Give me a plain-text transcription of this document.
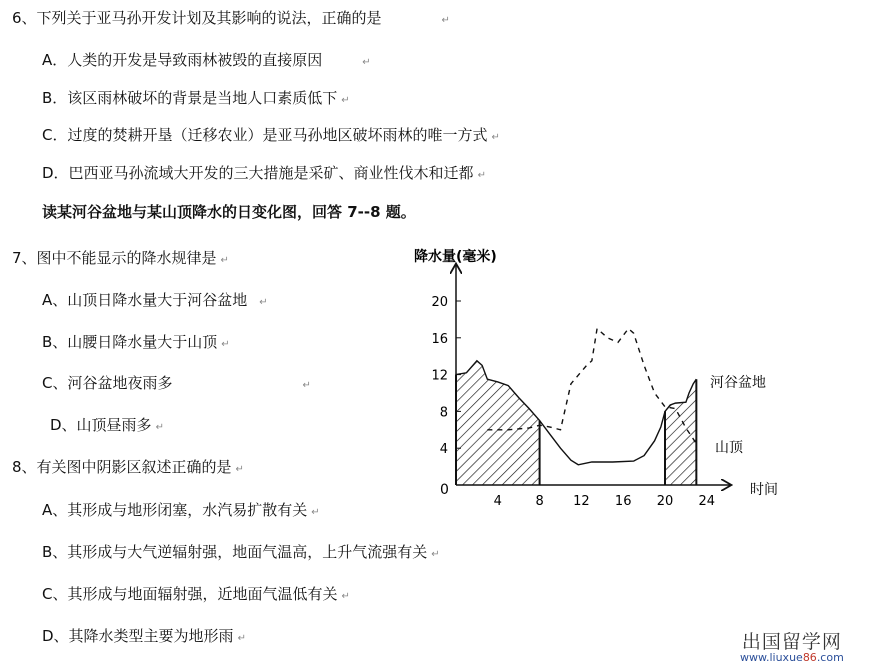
6、下列关于亚马孙开发计划及其影响的说法，正确的是	↵
A．人类的开发是导致雨林被毁的直接原因	↵
B．该区雨林破坏的背景是当地人口素质低下 ↵
C．过度的焚耕开垦（迁移农业）是亚马孙地区破坏雨林的唯一方式 ↵
D．巴西亚马孙流域大开发的三大措施是采矿、商业性伐木和迁都 ↵
读某河谷盆地与某山顶降水的日变化图，回答 7--8 题。
7、图中不能显示的降水规律是 ↵
A、山顶日降水量大于河谷盆地 ↵
B、山腰日降水量大于山顶 ↵
C、河谷盆地夜雨多	↵
D、山顶昼雨多 ↵
8、有关图中阴影区叙述正确的是 ↵
A、其形成与地形闭塞，水汽易扩散有关 ↵
B、其形成与大气逆辐射强，地面气温高，上升气流强有关 ↵
C、其形成与地面辐射强，近地面气温低有关 ↵
D、其降水类型主要为地形雨 ↵
4	8 12 16 20 24
4
8
12
16
20
降水量(毫米)
时间
河谷盆地
山顶
0
出国留学网
www.liuxue86.com
